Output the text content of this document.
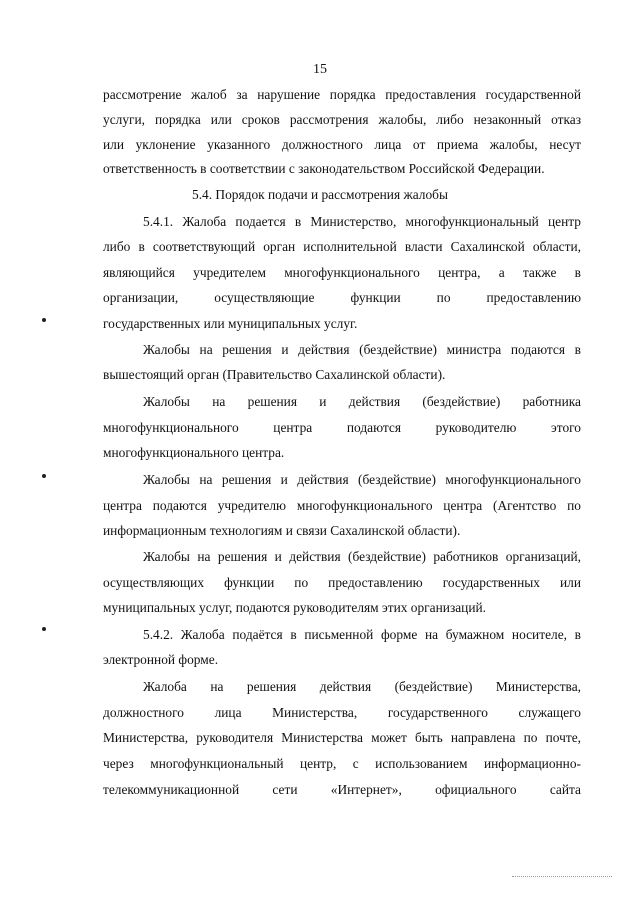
15
рассмотрение жалоб за нарушение порядка предоставления государственной
услуги, порядка или сроков рассмотрения жалобы, либо незаконный отказ
или уклонение указанного должностного лица от приема жалобы, несут
ответственность в соответствии с законодательством Российской Федерации.
5.4. Порядок подачи и рассмотрения жалобы
5.4.1. Жалоба подается в Министерство, многофункциональный центр
либо в соответствующий орган исполнительной власти Сахалинской области,
являющийся учредителем многофункционального центра, а также в
организации, осуществляющие функции по предоставлению
государственных или муниципальных услуг.
Жалобы на решения и действия (бездействие) министра подаются в
вышестоящий орган (Правительство Сахалинской области).
Жалобы на решения и действия (бездействие) работника
многофункционального центра подаются руководителю этого
многофункционального центра.
Жалобы на решения и действия (бездействие) многофункционального
центра подаются учредителю многофункционального центра (Агентство по
информационным технологиям и связи Сахалинской области).
Жалобы на решения и действия (бездействие) работников организаций,
осуществляющих функции по предоставлению государственных или
муниципальных услуг, подаются руководителям этих организаций.
5.4.2. Жалоба подаётся в письменной форме на бумажном носителе, в
электронной форме.
Жалоба на решения действия (бездействие) Министерства,
должностного лица Министерства, государственного служащего
Министерства, руководителя Министерства может быть направлена по почте,
через многофункциональный центр, с использованием информационно-
телекоммуникационной сети «Интернет», официального сайта
